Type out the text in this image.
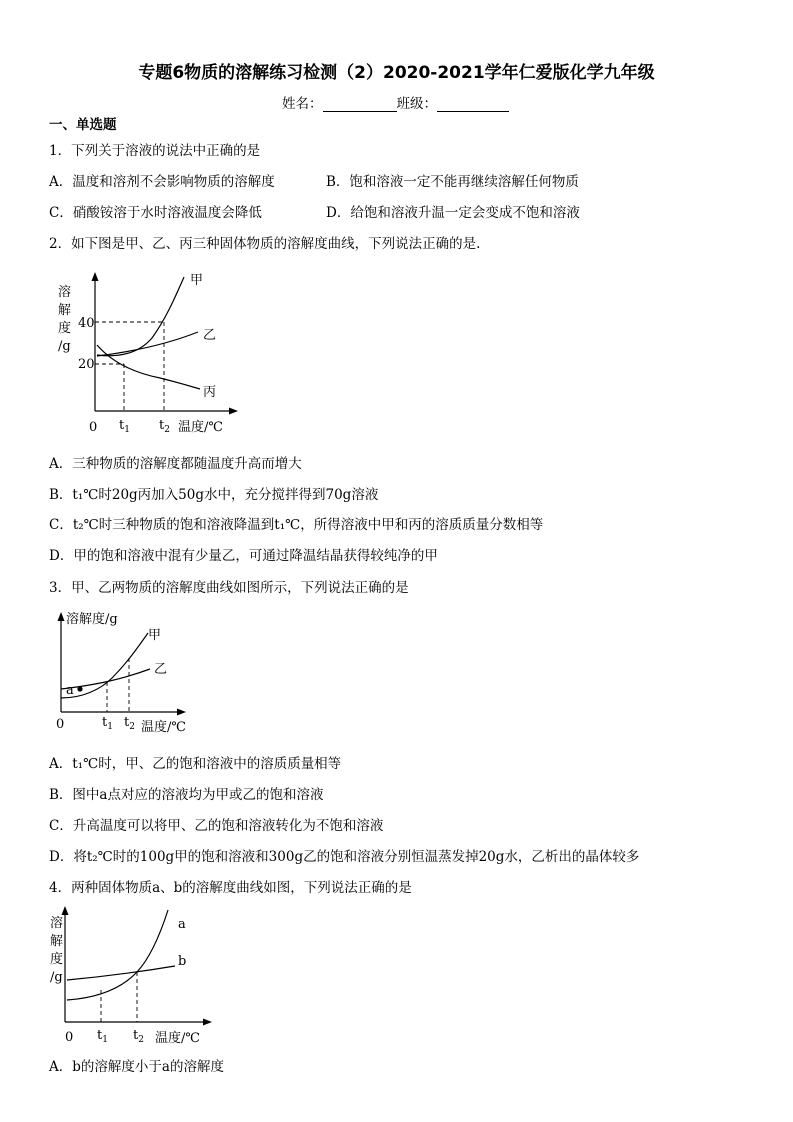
专题6物质的溶解练习检测（2）2020-2021学年仁爱版化学九年级
姓名：	班级：
一、单选题
1．下列关于溶液的说法中正确的是
A．温度和溶剂不会影响物质的溶解度	B．饱和溶液一定不能再继续溶解任何物质
C．硝酸铵溶于水时溶液温度会降低	D．给饱和溶液升温一定会变成不饱和溶液
2．如下图是甲、乙、丙三种固体物质的溶解度曲线，下列说法正确的是.
溶
解
度
/g
40
20
甲
乙
丙
0 $t_1$ $t_2$ 温度/℃
A．三种物质的溶解度都随温度升高而增大
B．t₁℃时20g丙加入50g水中，充分搅拌得到70g溶液
C．t₂℃时三种物质的饱和溶液降温到t₁℃，所得溶液中甲和丙的溶质质量分数相等
D．甲的饱和溶液中混有少量乙，可通过降温结晶获得较纯净的甲
3．甲、乙两物质的溶解度曲线如图所示，下列说法正确的是
溶解度/g
a
甲
乙
0	$t_1$ $t_2$ 温度/℃
A．t₁℃时，甲、乙的饱和溶液中的溶质质量相等
B．图中a点对应的溶液均为甲或乙的饱和溶液
C．升高温度可以将甲、乙的饱和溶液转化为不饱和溶液
D．将t₂℃时的100g甲的饱和溶液和300g乙的饱和溶液分别恒温蒸发掉20g水，乙析出的晶体较多
4．两种固体物质a、b的溶解度曲线如图，下列说法正确的是
溶
解
度
/g
a
b
0 $t_1$ $t_2$ 温度/℃
A．b的溶解度小于a的溶解度
